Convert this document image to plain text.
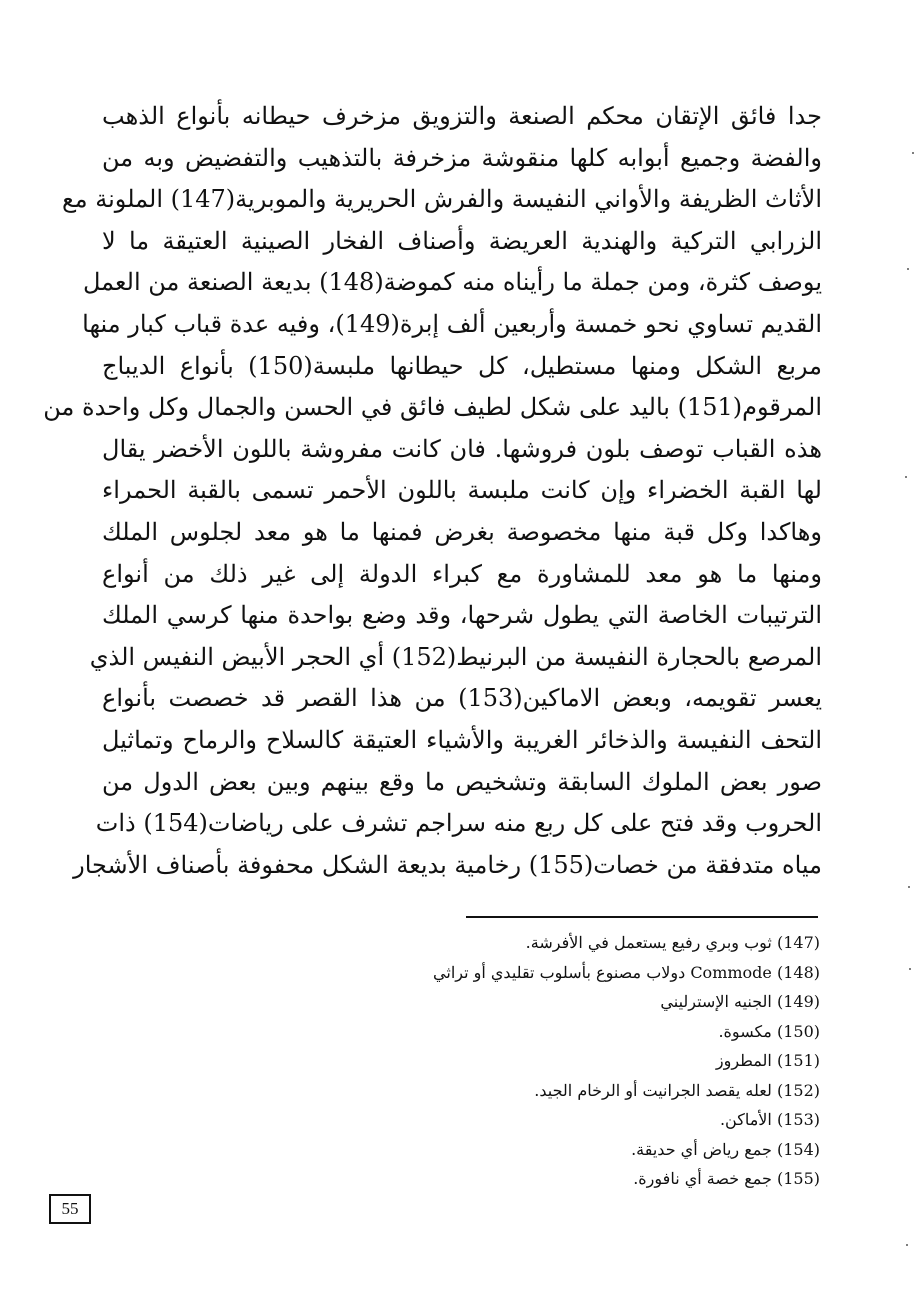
جدا فائق الإتقان محكم الصنعة والتزويق مزخرف حيطانه بأنواع الذهب
والفضة وجميع أبوابه كلها منقوشة مزخرفة بالتذهيب والتفضيض وبه من
الأثاث الظريفة والأواني النفيسة والفرش الحريرية والموبرية(147) الملونة مع
الزرابي التركية والهندية العريضة وأصناف الفخار الصينية العتيقة ما لا
يوصف كثرة، ومن جملة ما رأيناه منه كموضة(148) بديعة الصنعة من العمل
القديم تساوي نحو خمسة وأربعين ألف إبرة(149)، وفيه عدة قباب كبار منها
مربع الشكل ومنها مستطيل، كل حيطانها ملبسة(150) بأنواع الديباج
المرقوم(151) باليد على شكل لطيف فائق في الحسن والجمال وكل واحدة من
هذه القباب توصف بلون فروشها. فان كانت مفروشة باللون الأخضر يقال
لها القبة الخضراء وإن كانت ملبسة باللون الأحمر تسمى بالقبة الحمراء
وهاكدا وكل قبة منها مخصوصة بغرض فمنها ما هو معد لجلوس الملك
ومنها ما هو معد للمشاورة مع كبراء الدولة إلى غير ذلك من أنواع
الترتيبات الخاصة التي يطول شرحها، وقد وضع بواحدة منها كرسي الملك
المرصع بالحجارة النفيسة من البرنيط(152) أي الحجر الأبيض النفيس الذي
يعسر تقويمه، وبعض الاماكين(153) من هذا القصر قد خصصت بأنواع
التحف النفيسة والذخائر الغريبة والأشياء العتيقة كالسلاح والرماح وتماثيل
صور بعض الملوك السابقة وتشخيص ما وقع بينهم وبين بعض الدول من
الحروب وقد فتح على كل ربع منه سراجم تشرف على رياضات(154) ذات
مياه متدفقة من خصات(155) رخامية بديعة الشكل محفوفة بأصناف الأشجار
(147) ثوب وبري رفيع يستعمل في الأفرشة.
(148) Commode دولاب مصنوع بأسلوب تقليدي أو تراثي
(149) الجنيه الإسترليني
(150) مكسوة.
(151) المطروز
(152) لعله يقصد الجرانيت أو الرخام الجيد.
(153) الأماكن.
(154) جمع رياض أي حديقة.
(155) جمع خصة أي نافورة.
55
